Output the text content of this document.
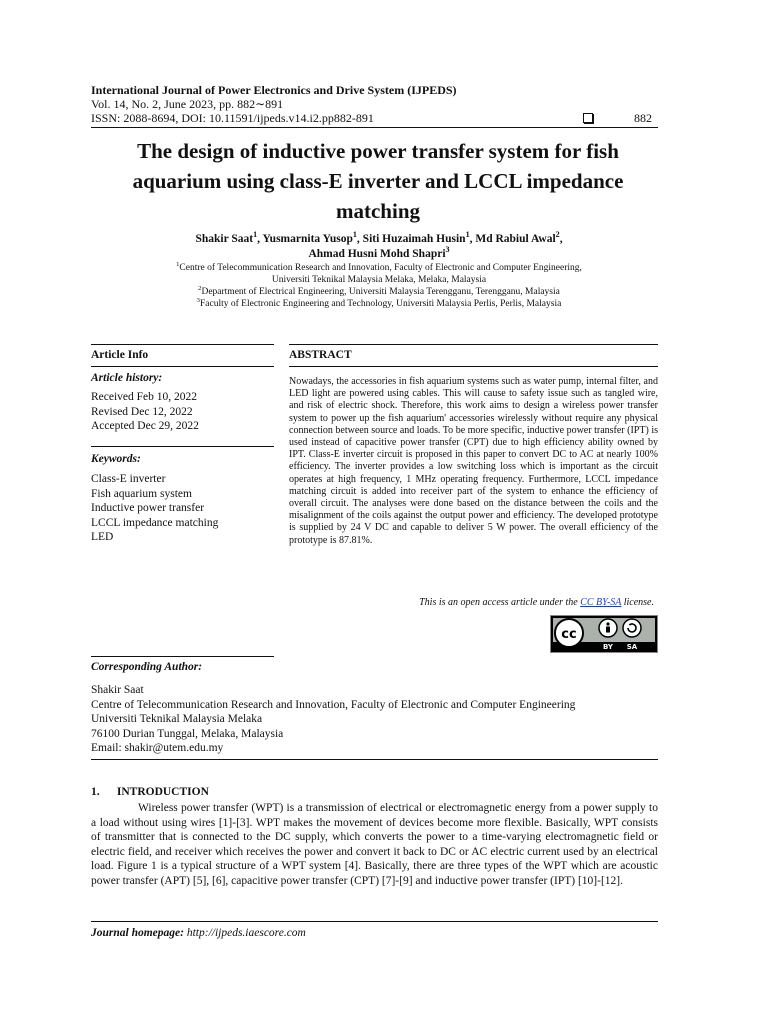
International Journal of Power Electronics and Drive System (IJPEDS)
Vol. 14, No. 2, June 2023, pp. 882∼891
ISSN: 2088-8694, DOI: 10.11591/ijpeds.v14.i2.pp882-891	882
The design of inductive power transfer system for fish aquarium using class-E inverter and LCCL impedance matching
Shakir Saat$^1$, Yusmarnita Yusop$^1$, Siti Huzaimah Husin$^1$, Md Rabiul Awal$^2$,
Ahmad Husni Mohd Shapri$^3$
$^1$Centre of Telecommunication Research and Innovation, Faculty of Electronic and Computer Engineering,
Universiti Teknikal Malaysia Melaka, Melaka, Malaysia
$^2$Department of Electrical Engineering, Universiti Malaysia Terengganu, Terengganu, Malaysia
$^3$Faculty of Electronic Engineering and Technology, Universiti Malaysia Perlis, Perlis, Malaysia
Article Info
Article history:
Received Feb 10, 2022
Revised Dec 12, 2022
Accepted Dec 29, 2022
Keywords:
Class-E inverter
Fish aquarium system
Inductive power transfer
LCCL impedance matching
LED
ABSTRACT
Nowadays, the accessories in fish aquarium systems such as water pump, internal filter, and LED light are powered using cables. This will cause to safety issue such as tangled wire, and risk of electric shock. Therefore, this work aims to design a wireless power transfer system to power up the fish aquarium' accessories wirelessly without require any physical connection between source and loads. To be more specific, inductive power transfer (IPT) is used instead of capacitive power transfer (CPT) due to high efficiency ability owned by IPT. Class-E inverter circuit is proposed in this paper to convert DC to AC at nearly 100% efficiency. The inverter provides a low switching loss which is important as the circuit operates at high frequency, 1 MHz operating frequency. Furthermore, LCCL impedance matching circuit is added into receiver part of the system to enhance the efficiency of overall circuit. The analyses were done based on the distance between the coils and the misalignment of the coils against the output power and efficiency. The developed prototype is supplied by 24 V DC and capable to deliver 5 W power. The overall efficiency of the prototype is 87.81%.
This is an open access article under the CC BY-SA license.
cc
BY SA
Corresponding Author:
Shakir Saat
Centre of Telecommunication Research and Innovation, Faculty of Electronic and Computer Engineering
Universiti Teknikal Malaysia Melaka
76100 Durian Tunggal, Melaka, Malaysia
Email: shakir@utem.edu.my
1.      INTRODUCTION
Wireless power transfer (WPT) is a transmission of electrical or electromagnetic energy from a power supply to a load without using wires [1]-[3]. WPT makes the movement of devices become more flexible. Basically, WPT consists of transmitter that is connected to the DC supply, which converts the power to a time-varying electromagnetic field or electric field, and receiver which receives the power and convert it back to DC or AC electric current used by an electrical load. Figure 1 is a typical structure of a WPT system [4]. Basically, there are three types of the WPT which are acoustic power transfer (APT) [5], [6], capacitive power transfer (CPT) [7]-[9] and inductive power transfer (IPT) [10]-[12].
Journal homepage: http://ijpeds.iaescore.com
